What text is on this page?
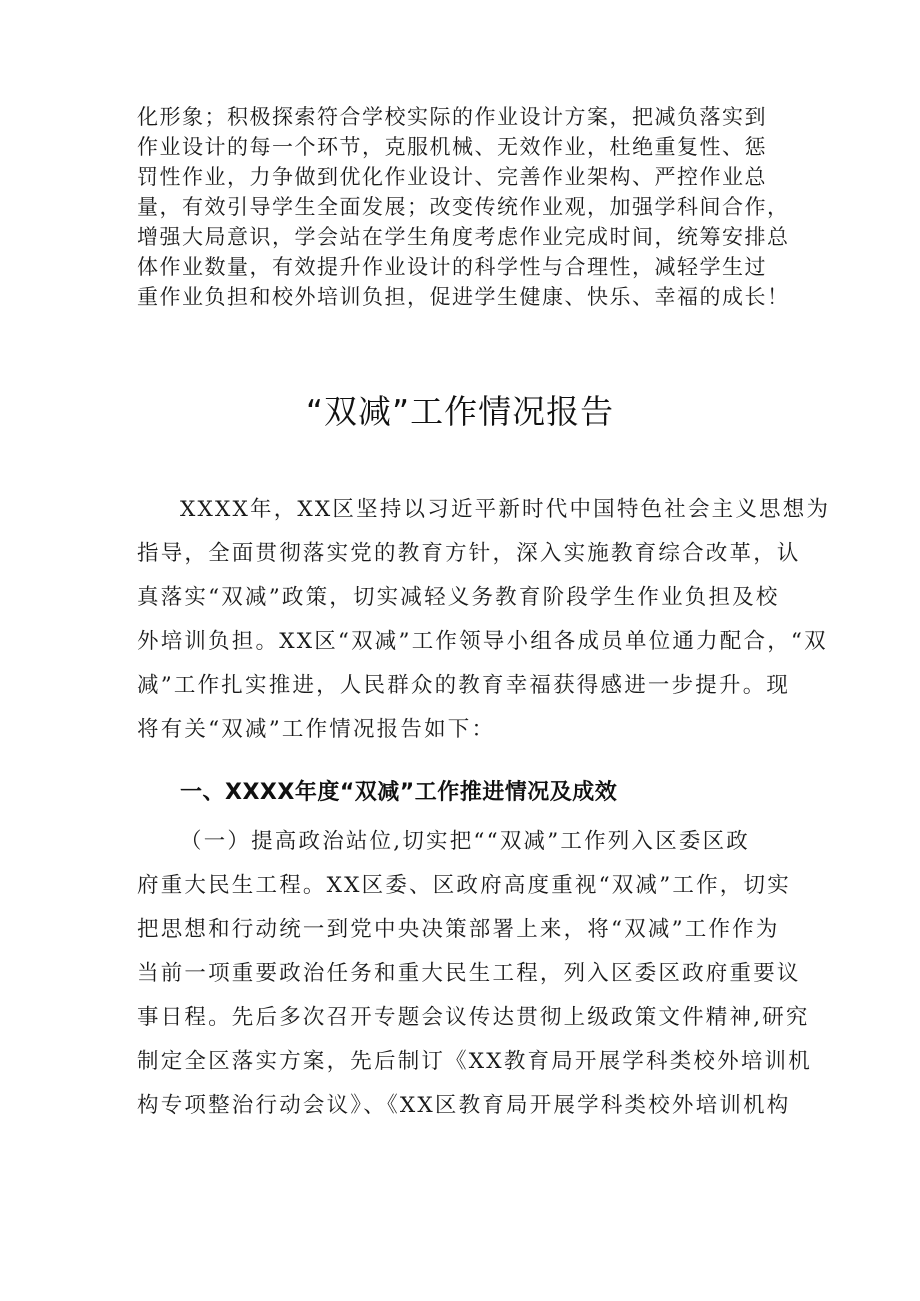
化形象；积极探索符合学校实际的作业设计方案，把减负落实到
作业设计的每一个环节，克服机械、无效作业，杜绝重复性、惩
罚性作业，力争做到优化作业设计、完善作业架构、严控作业总
量，有效引导学生全面发展；改变传统作业观，加强学科间合作，
增强大局意识，学会站在学生角度考虑作业完成时间，统筹安排总
体作业数量，有效提升作业设计的科学性与合理性，减轻学生过
重作业负担和校外培训负担，促进学生健康、快乐、幸福的成长！
“双减”工作情况报告
XXXX年，XX区坚持以习近平新时代中国特色社会主义思想为
指导，全面贯彻落实党的教育方针，深入实施教育综合改革，认
真落实“双减”政策，切实减轻义务教育阶段学生作业负担及校
外培训负担。XX区“双减”工作领导小组各成员单位通力配合，“双
减”工作扎实推进，人民群众的教育幸福获得感进一步提升。现
将有关“双减”工作情况报告如下：
一、XXXX年度“双减”工作推进情况及成效
（一）提高政治站位,切实把““双减”工作列入区委区政
府重大民生工程。XX区委、区政府高度重视“双减”工作，切实
把思想和行动统一到党中央决策部署上来，将“双减”工作作为
当前一项重要政治任务和重大民生工程，列入区委区政府重要议
事日程。先后多次召开专题会议传达贯彻上级政策文件精神,研究
制定全区落实方案，先后制订《XX教育局开展学科类校外培训机
构专项整治行动会议》、《XX区教育局开展学科类校外培训机构
